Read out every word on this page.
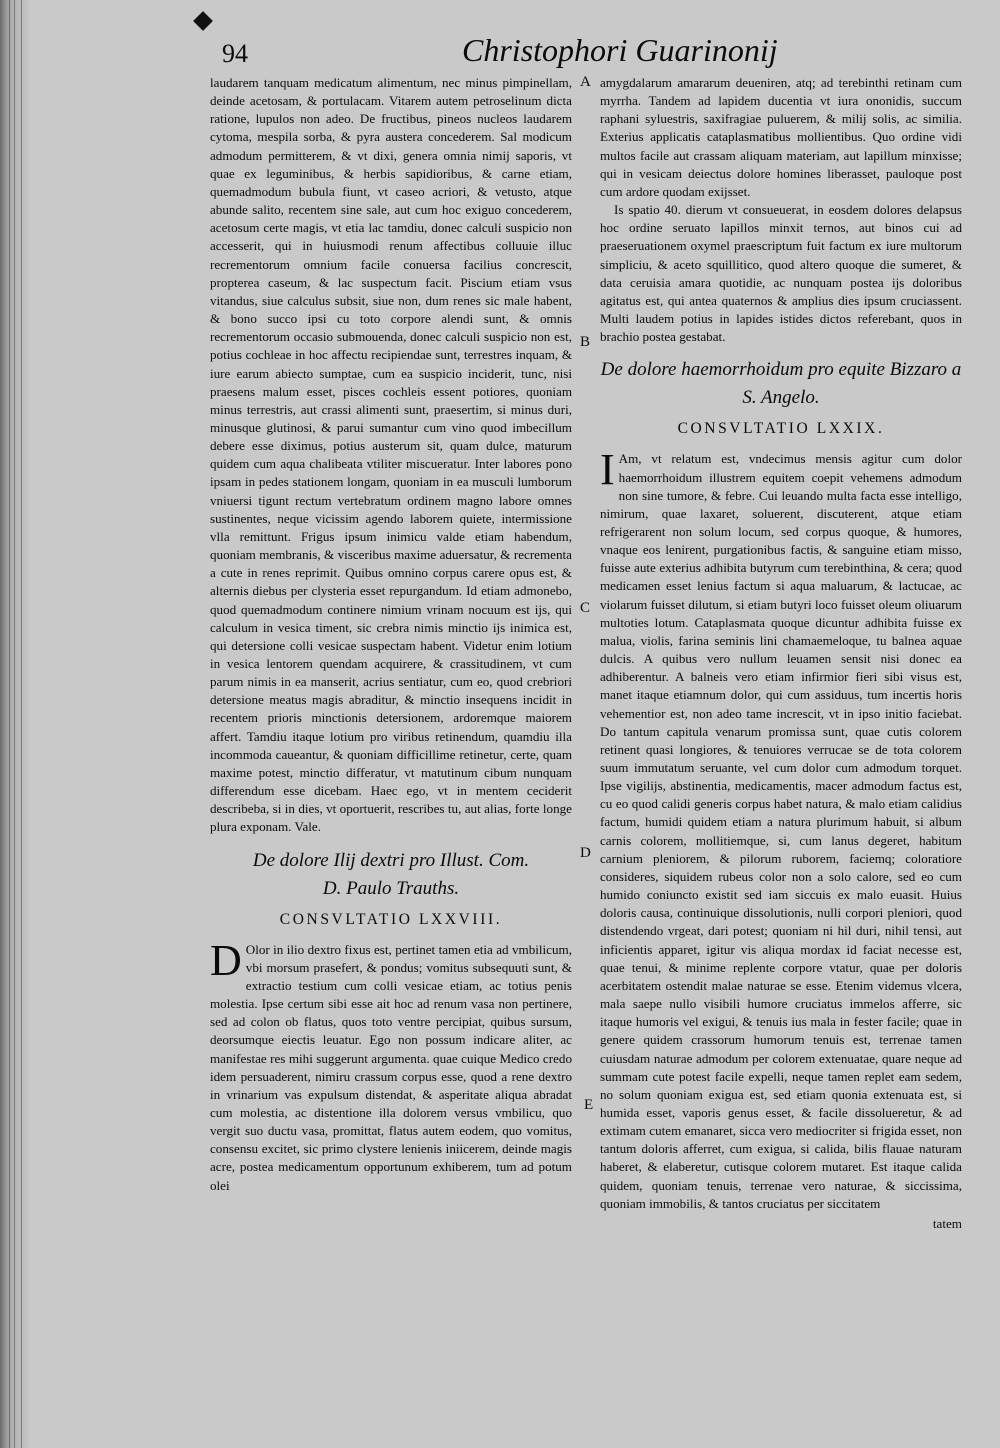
94	Christophori Guarinonij

laudarem tanquam medicatum alimentum, nec minus pimpinellam, deinde acetosam, & portulacam. Vitarem autem petroselinum dicta ratione, lupulos non adeo. De fructibus, pineos nucleos laudarem cytoma, mespila sorba, & pyra austera concederem. Sal modicum admodum permitterem, & vt dixi, genera omnia nimij saporis, vt quae ex leguminibus, & herbis sapidioribus, & carne etiam, quemadmodum bubula fiunt, vt caseo acriori, & vetusto, atque abunde salito, recentem sine sale, aut cum hoc exiguo concederem, acetosum certe magis, vt etia lac tamdiu, donec calculi suspicio non accesserit, qui in huiusmodi renum affectibus colluuie illuc recrementorum omnium facile conuersa facilius concrescit, propterea caseum, & lac suspectum facit. Piscium etiam vsus vitandus, siue calculus subsit, siue non, dum renes sic male habent, & bono succo ipsi cu toto corpore alendi sunt, & omnis recrementorum occasio submouenda, donec calculi suspicio non est, potius cochleae in hoc affectu recipiendae sunt, terrestres inquam, & iure earum abiecto sumptae, cum ea suspicio inciderit, tunc, nisi praesens malum esset, pisces cochleis essent potiores, quoniam minus terrestris, aut crassi alimenti sunt, praesertim, si minus duri, minusque glutinosi, & parui sumantur cum vino quod imbecillum debere esse diximus, potius austerum sit, quam dulce, maturum quidem cum aqua chalibeata vtiliter miscueratur. Inter labores pono ipsam in pedes stationem longam, quoniam in ea musculi lumborum vniuersi tigunt rectum vertebratum ordinem magno labore omnes sustinentes, neque vicissim agendo laborem quiete, intermissione vlla remittunt. Frigus ipsum inimicu valde etiam habendum, quoniam membranis, & visceribus maxime aduersatur, & recrementa a cute in renes reprimit. Quibus omnino corpus carere opus est, & alternis diebus per clysteria esset repurgandum. Id etiam admonebo, quod quemadmodum continere nimium vrinam nocuum est ijs, qui calculum in vesica timent, sic crebra nimis minctio ijs inimica est, qui detersione colli vesicae suspectam habent. Videtur enim lotium in vesica lentorem quendam acquirere, & crassitudinem, vt cum parum nimis in ea manserit, acrius sentiatur, cum eo, quod crebriori detersione meatus magis abraditur, & minctio insequens incidit in recentem prioris minctionis detersionem, ardoremque maiorem affert. Tamdiu itaque lotium pro viribus retinendum, quamdiu illa incommoda caueantur, & quoniam difficillime retinetur, certe, quam maxime potest, minctio differatur, vt matutinum cibum nunquam differendum esse dicebam. Haec ego, vt in mentem ceciderit describeba, si in dies, vt oportuerit, rescribes tu, aut alias, forte longe plura exponam. Vale.

De dolore Ilij dextri pro Illust. Com.
D. Paulo Trauths.
CONSVLTATIO LXXVIII.

D Olor in ilio dextro fixus est, pertinet tamen etia ad vmbilicum, vbi morsum prasefert, & pondus; vomitus subsequuti sunt, & extractio testium cum colli vesicae etiam, ac totius penis molestia. Ipse certum sibi esse ait hoc ad renum vasa non pertinere, sed ad colon ob flatus, quos toto ventre percipiat, quibus sursum, deorsumque eiectis leuatur. Ego non possum indicare aliter, ac manifestae res mihi suggerunt argumenta. quae cuique Medico credo idem persuaderent, nimiru crassum corpus esse, quod a rene dextro in vrinarium vas expulsum distendat, & asperitate aliqua abradat cum molestia, ac distentione illa dolorem versus vmbilicu, quo vergit suo ductu vasa, promittat, flatus autem eodem, quo vomitus, consensu excitet, sic primo clystere lenienis iniicerem, deinde magis acre, postea medicamentum opportunum exhiberem, tum ad potum olei

amygdalarum amararum deueniren, atq; ad terebinthi retinam cum myrrha. Tandem ad lapidem ducentia vt iura ononidis, succum raphani syluestris, saxifragiae puluerem, & milij solis, ac similia. Exterius applicatis cataplasmatibus mollientibus. Quo ordine vidi multos facile aut crassam aliquam materiam, aut lapillum minxisse; qui in vesicam deiectus dolore homines liberasset, pauloque post cum ardore quodam exijsset.

Is spatio 40. dierum vt consueuerat, in eosdem dolores delapsus hoc ordine seruato lapillos minxit ternos, aut binos cui ad praeseruationem oxymel praescriptum fuit factum ex iure multorum simpliciu, & aceto squillitico, quod altero quoque die sumeret, & data ceruisia amara quotidie, ac nunquam postea ijs doloribus agitatus est, qui antea quaternos & amplius dies ipsum cruciassent. Multi laudem potius in lapides istides dictos referebant, quos in brachio postea gestabat.

De dolore haemorrhoidum pro equite Bizzaro a S. Angelo.
CONSVLTATIO LXXIX.

I Am, vt relatum est, vndecimus mensis agitur cum dolor haemorrhoidum illustrem equitem coepit vehemens admodum non sine tumore, & febre. Cui leuando multa facta esse intelligo, nimirum, quae laxaret, soluerent, discuterent, atque etiam refrigerarent non solum locum, sed corpus quoque, & humores, vnaque eos lenirent, purgationibus factis, & sanguine etiam misso, fuisse aute exterius adhibita butyrum cum terebinthina, & cera; quod medicamen esset lenius factum si aqua maluarum, & lactucae, ac violarum fuisset dilutum, si etiam butyri loco fuisset oleum oliuarum multoties lotum. Cataplasmata quoque dicuntur adhibita fuisse ex malua, violis, farina seminis lini chamaemeloque, tu balnea aquae dulcis. A quibus vero nullum leuamen sensit nisi donec ea adhiberentur. A balneis vero etiam infirmior fieri sibi visus est, manet itaque etiamnum dolor, qui cum assiduus, tum incertis horis vehementior est, non adeo tame increscit, vt in ipso initio faciebat. Do tantum capitula venarum promissa sunt, quae cutis colorem retinent quasi longiores, & tenuiores verrucae se de tota colorem suum immutatum seruante, vel cum dolor cum admodum torquet. Ipse vigilijs, abstinentia, medicamentis, macer admodum factus est, cu eo quod calidi generis corpus habet natura, & malo etiam calidius factum, humidi quidem etiam a natura plurimum habuit, si album carnis colorem, mollitiemque, si, cum lanus degeret, habitum carnium pleniorem, & pilorum ruborem, faciemq; coloratiore consideres, siquidem rubeus color non a solo calore, sed eo cum humido coniuncto existit sed iam siccuis ex malo euasit. Huius doloris causa, continuique dissolutionis, nulli corpori pleniori, quod distendendo vrgeat, dari potest; quoniam ni hil duri, nihil tensi, aut inficientis apparet, igitur vis aliqua mordax id faciat necesse est, quae tenui, & minime replente corpore vtatur, quae per doloris acerbitatem ostendit malae naturae se esse. Etenim videmus vlcera, mala saepe nullo visibili humore cruciatus immelos afferre, sic itaque humoris vel exigui, & tenuis ius mala in fester facile; quae in genere quidem crassorum humorum tenuis est, terrenae tamen cuiusdam naturae admodum per colorem extenuatae, quare neque ad summam cute potest facile expelli, neque tamen replet eam sedem, no solum quoniam exigua est, sed etiam quonia extenuata est, si humida esset, vaporis genus esset, & facile dissolueretur, & ad extimam cutem emanaret, sicca vero mediocriter si frigida esset, non tantum doloris afferret, cum exigua, si calida, bilis flauae naturam haberet, & elaberetur, cutisque colorem mutaret. Est itaque calida quidem, quoniam tenuis, terrenae vero naturae, & siccissima, quoniam immobilis, & tantos cruciatus per siccitatem

tatem
A
B
C
D
E
